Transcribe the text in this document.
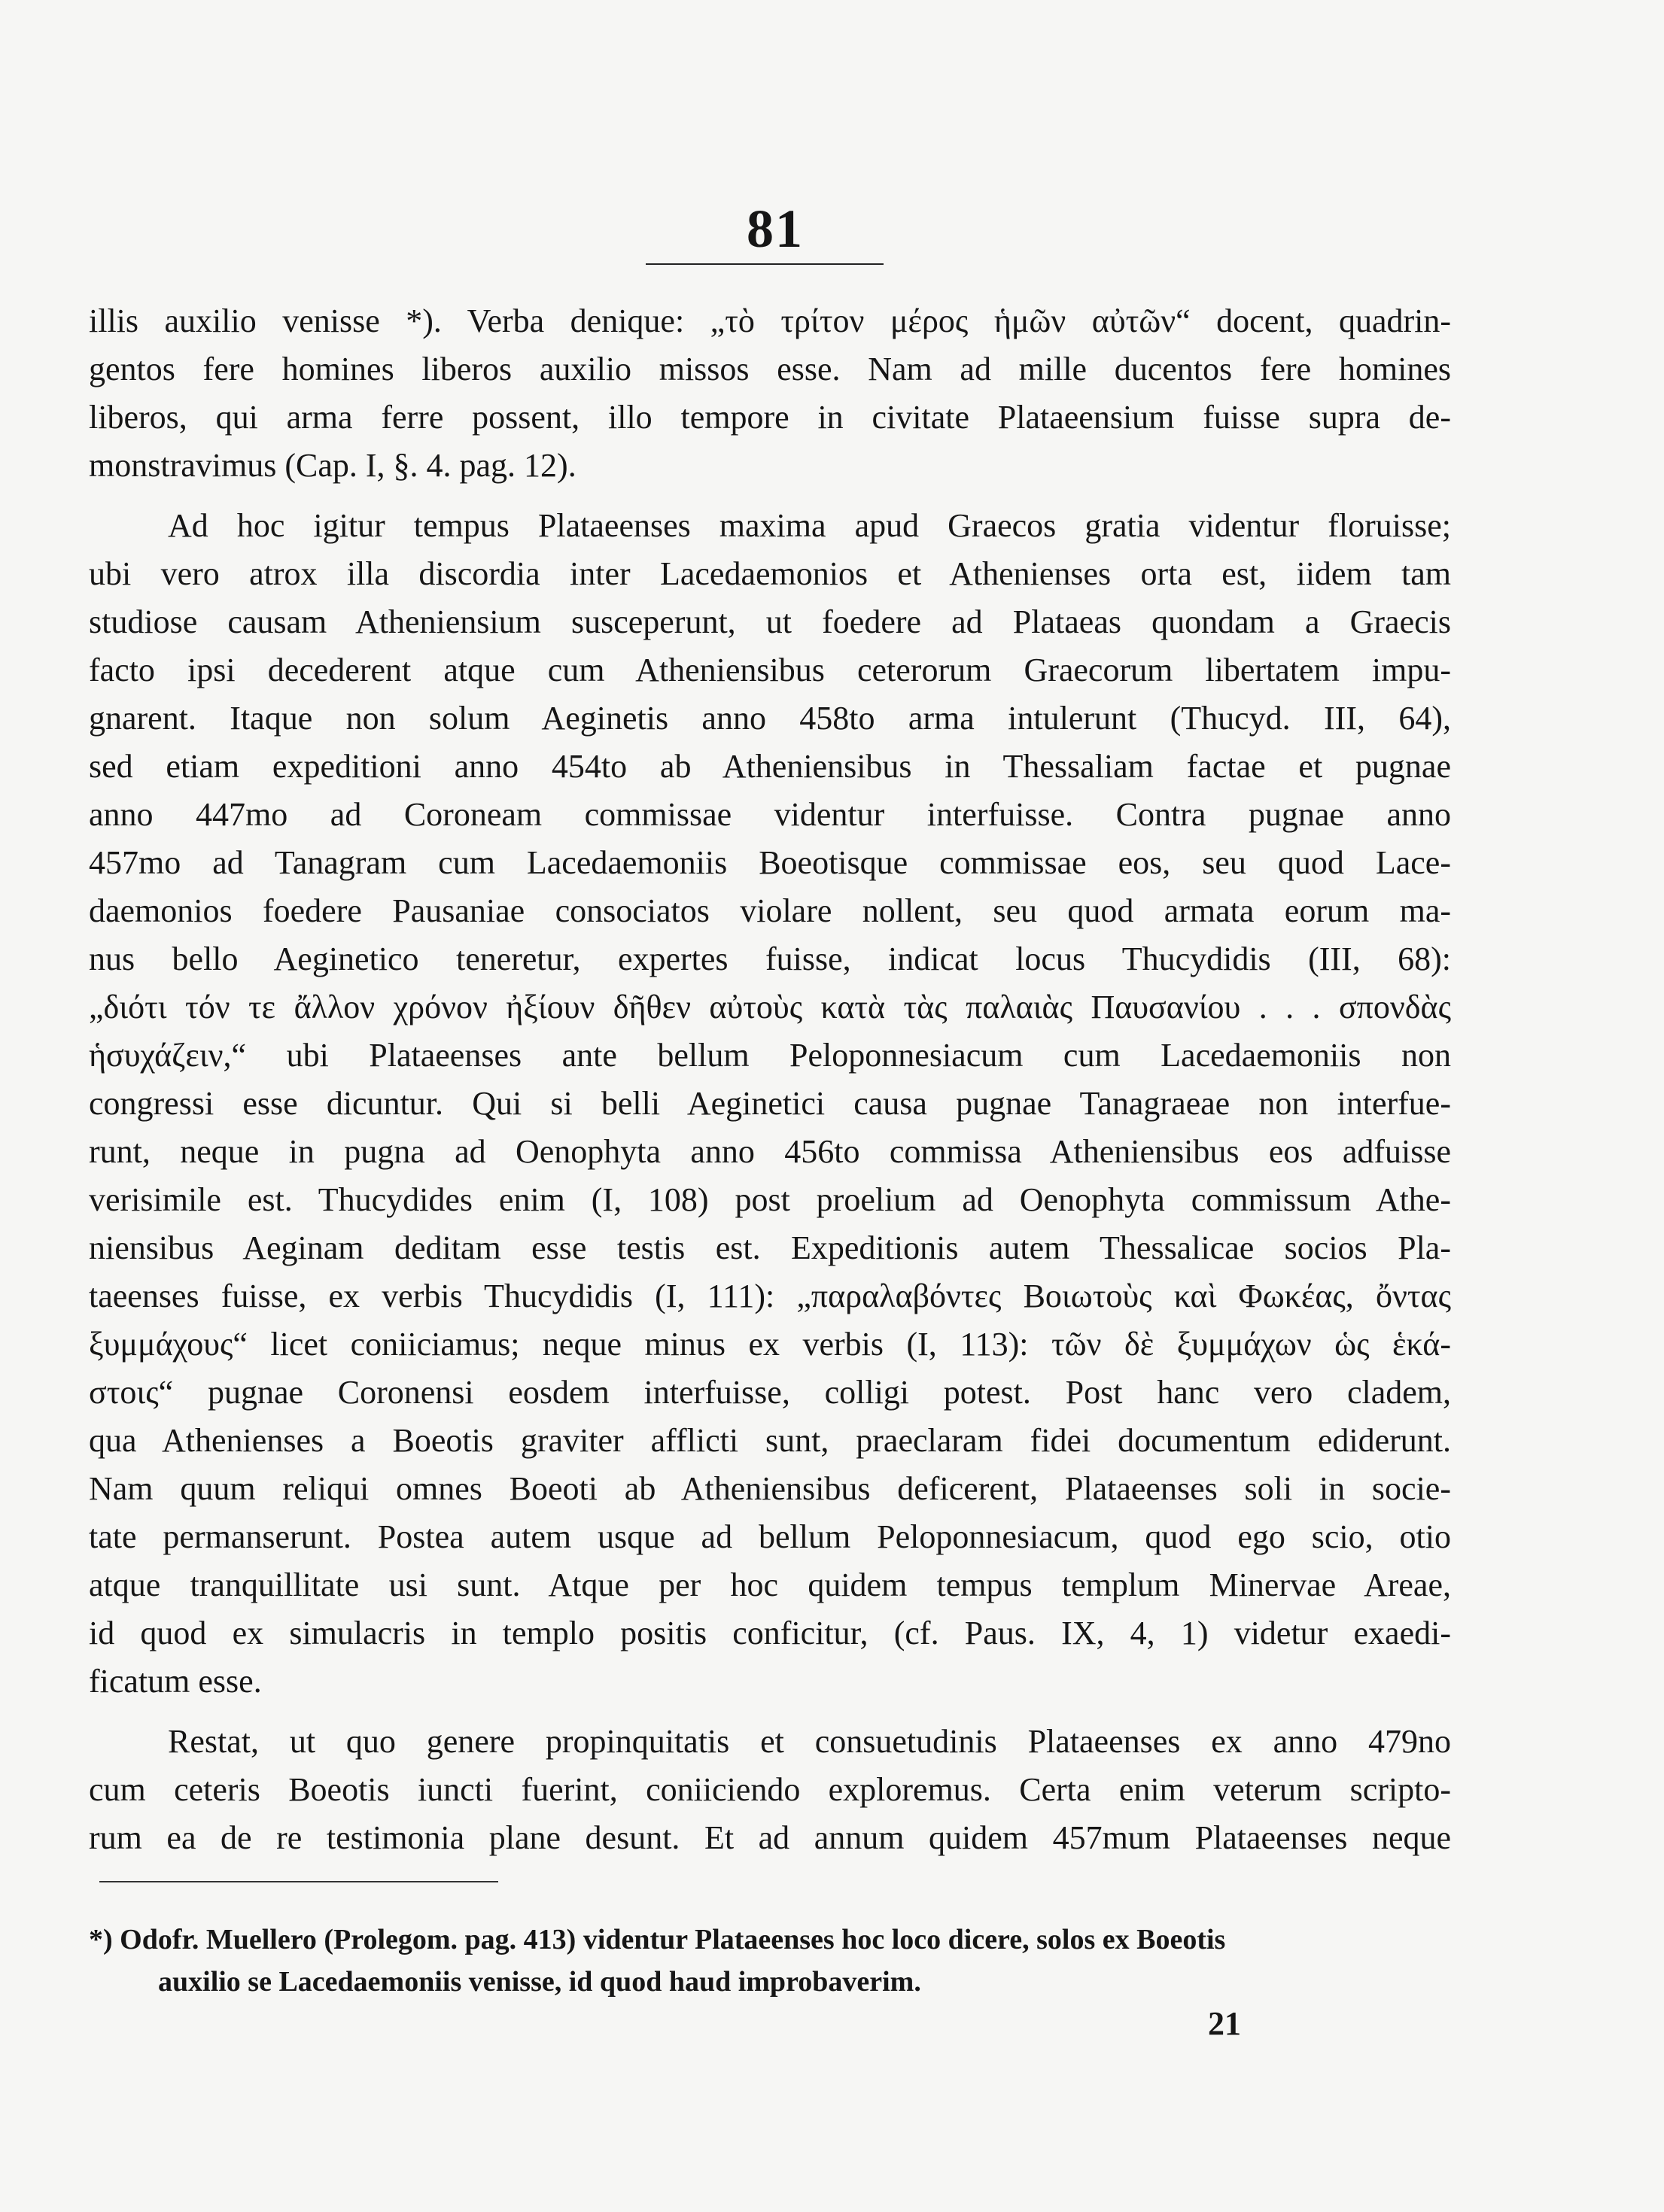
81
illis auxilio venisse *). Verba denique: „τὸ τρίτον μέρος ἡμῶν αὐτῶν“ docent, quadrin-
gentos fere homines liberos auxilio missos esse. Nam ad mille ducentos fere homines
liberos, qui arma ferre possent, illo tempore in civitate Plataeensium fuisse supra de-
monstravimus (Cap. I, §. 4. pag. 12).
Ad hoc igitur tempus Plataeenses maxima apud Graecos gratia videntur floruisse;
ubi vero atrox illa discordia inter Lacedaemonios et Athenienses orta est, iidem tam
studiose causam Atheniensium susceperunt, ut foedere ad Plataeas quondam a Graecis
facto ipsi decederent atque cum Atheniensibus ceterorum Graecorum libertatem impu-
gnarent. Itaque non solum Aeginetis anno 458to arma intulerunt (Thucyd. III, 64),
sed etiam expeditioni anno 454to ab Atheniensibus in Thessaliam factae et pugnae
anno 447mo ad Coroneam commissae videntur interfuisse. Contra pugnae anno
457mo ad Tanagram cum Lacedaemoniis Boeotisque commissae eos, seu quod Lace-
daemonios foedere Pausaniae consociatos violare nollent, seu quod armata eorum ma-
nus bello Aeginetico teneretur, expertes fuisse, indicat locus Thucydidis (III, 68):
„διότι τόν τε ἄλλον χρόνον ἠξίουν δῆθεν αὐτοὺς κατὰ τὰς παλαιὰς Παυσανίου . . . σπονδὰς
ἡσυχάζειν,“ ubi Plataeenses ante bellum Peloponnesiacum cum Lacedaemoniis non
congressi esse dicuntur. Qui si belli Aeginetici causa pugnae Tanagraeae non interfue-
runt, neque in pugna ad Oenophyta anno 456to commissa Atheniensibus eos adfuisse
verisimile est. Thucydides enim (I, 108) post proelium ad Oenophyta commissum Athe-
niensibus Aeginam deditam esse testis est. Expeditionis autem Thessalicae socios Pla-
taeenses fuisse, ex verbis Thucydidis (I, 111): „παραλαβόντες Βοιωτοὺς καὶ Φωκέας, ὄντας
ξυμμάχους“ licet coniiciamus; neque minus ex verbis (I, 113): τῶν δὲ ξυμμάχων ὡς ἑκά-
στοις“ pugnae Coronensi eosdem interfuisse, colligi potest. Post hanc vero cladem,
qua Athenienses a Boeotis graviter afflicti sunt, praeclaram fidei documentum ediderunt.
Nam quum reliqui omnes Boeoti ab Atheniensibus deficerent, Plataeenses soli in socie-
tate permanserunt. Postea autem usque ad bellum Peloponnesiacum, quod ego scio, otio
atque tranquillitate usi sunt. Atque per hoc quidem tempus templum Minervae Areae,
id quod ex simulacris in templo positis conficitur, (cf. Paus. IX, 4, 1) videtur exaedi-
ficatum esse.
Restat, ut quo genere propinquitatis et consuetudinis Plataeenses ex anno 479no
cum ceteris Boeotis iuncti fuerint, coniiciendo exploremus. Certa enim veterum scripto-
rum ea de re testimonia plane desunt. Et ad annum quidem 457mum Plataeenses neque
*) Odofr. Muellero (Prolegom. pag. 413) videntur Plataeenses hoc loco dicere, solos ex Boeotis
auxilio se Lacedaemoniis venisse, id quod haud improbaverim.
21
